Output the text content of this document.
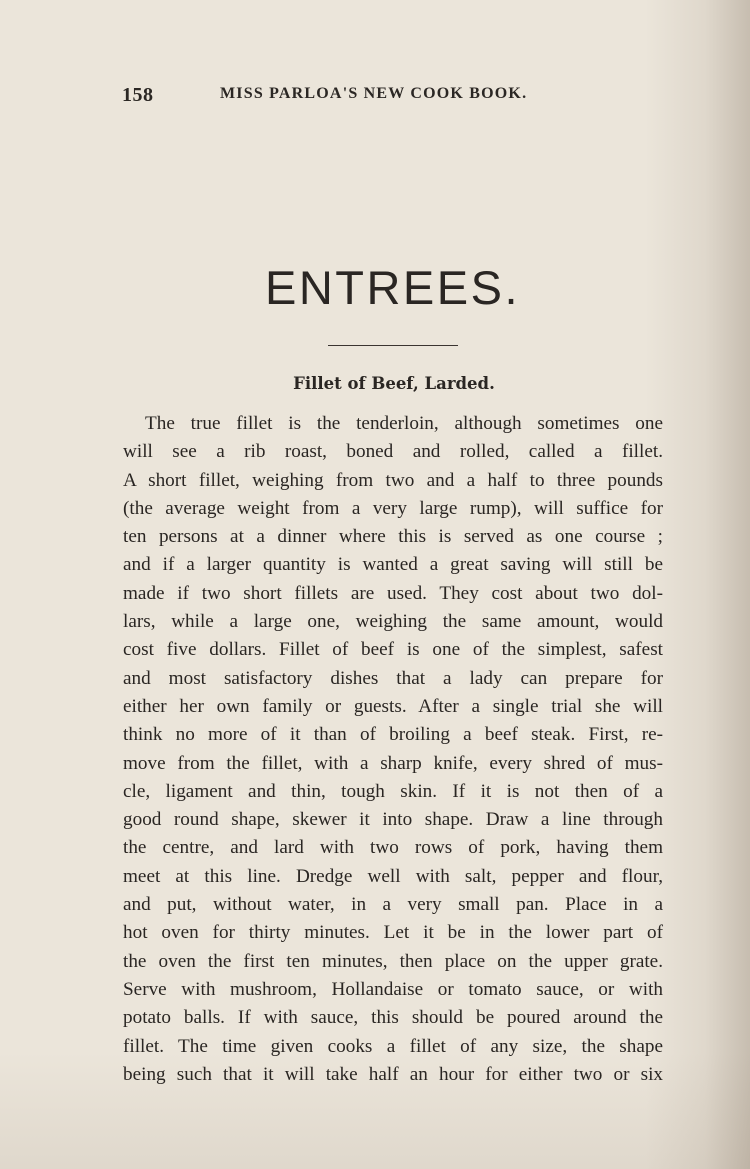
158	MISS PARLOA'S NEW COOK BOOK.
ENTREES.
Fillet of Beef, Larded.
The true fillet is the tenderloin, although sometimes one
will see a rib roast, boned and rolled, called a fillet.
A short fillet, weighing from two and a half to three pounds
(the average weight from a very large rump), will suffice for
ten persons at a dinner where this is served as one course ;
and if a larger quantity is wanted a great saving will still be
made if two short fillets are used. They cost about two dol-
lars, while a large one, weighing the same amount, would
cost five dollars. Fillet of beef is one of the simplest, safest
and most satisfactory dishes that a lady can prepare for
either her own family or guests. After a single trial she will
think no more of it than of broiling a beef steak. First, re-
move from the fillet, with a sharp knife, every shred of mus-
cle, ligament and thin, tough skin. If it is not then of a
good round shape, skewer it into shape. Draw a line through
the centre, and lard with two rows of pork, having them
meet at this line. Dredge well with salt, pepper and flour,
and put, without water, in a very small pan. Place in a
hot oven for thirty minutes. Let it be in the lower part of
the oven the first ten minutes, then place on the upper grate.
Serve with mushroom, Hollandaise or tomato sauce, or with
potato balls. If with sauce, this should be poured around the
fillet. The time given cooks a fillet of any size, the shape
being such that it will take half an hour for either two or six
